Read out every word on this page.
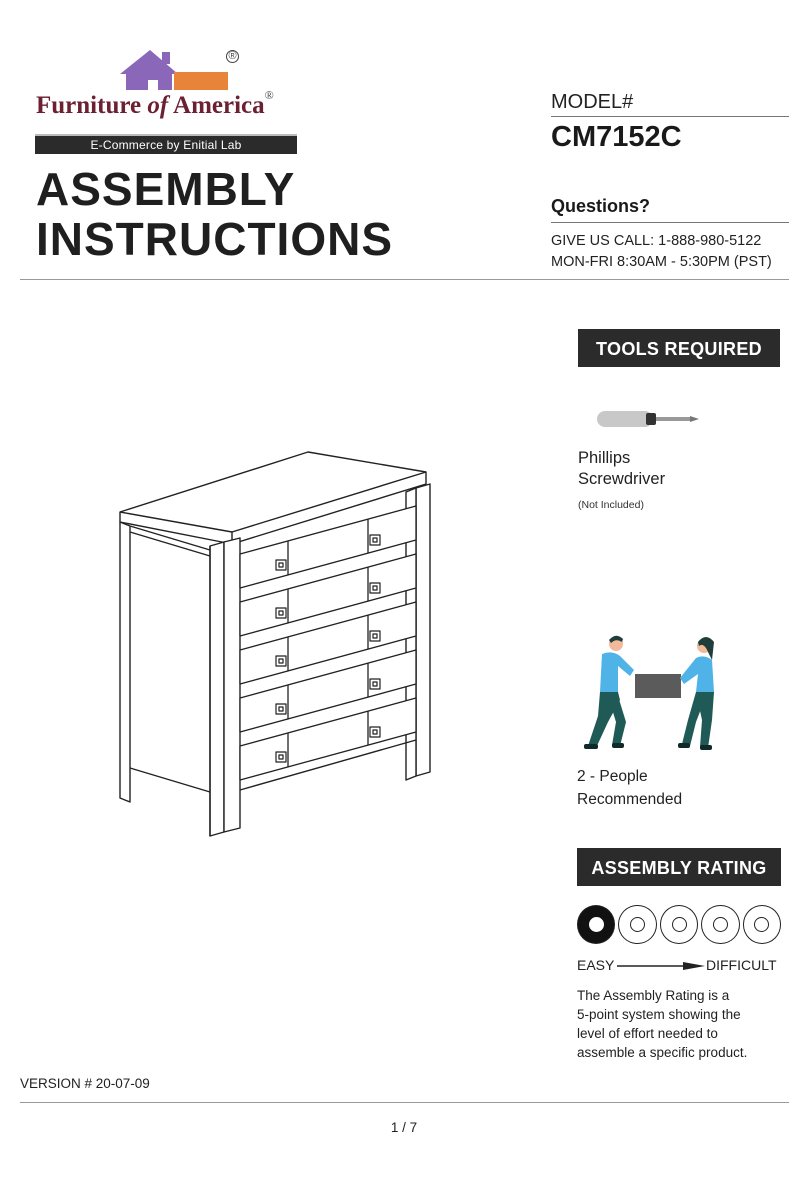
®
Furniture of America®
E-Commerce by Enitial Lab
ASSEMBLY
INSTRUCTIONS
MODEL#
CM7152C
Questions?
GIVE US CALL: 1-888-980-5122
MON-FRI 8:30AM - 5:30PM (PST)
TOOLS REQUIRED
Phillips
Screwdriver
(Not Included)
2 - People
Recommended
ASSEMBLY RATING
EASY	DIFFICULT
The Assembly Rating is a
5-point system showing the
level of effort needed to
assemble a specific product.
VERSION # 20-07-09
1 / 7
